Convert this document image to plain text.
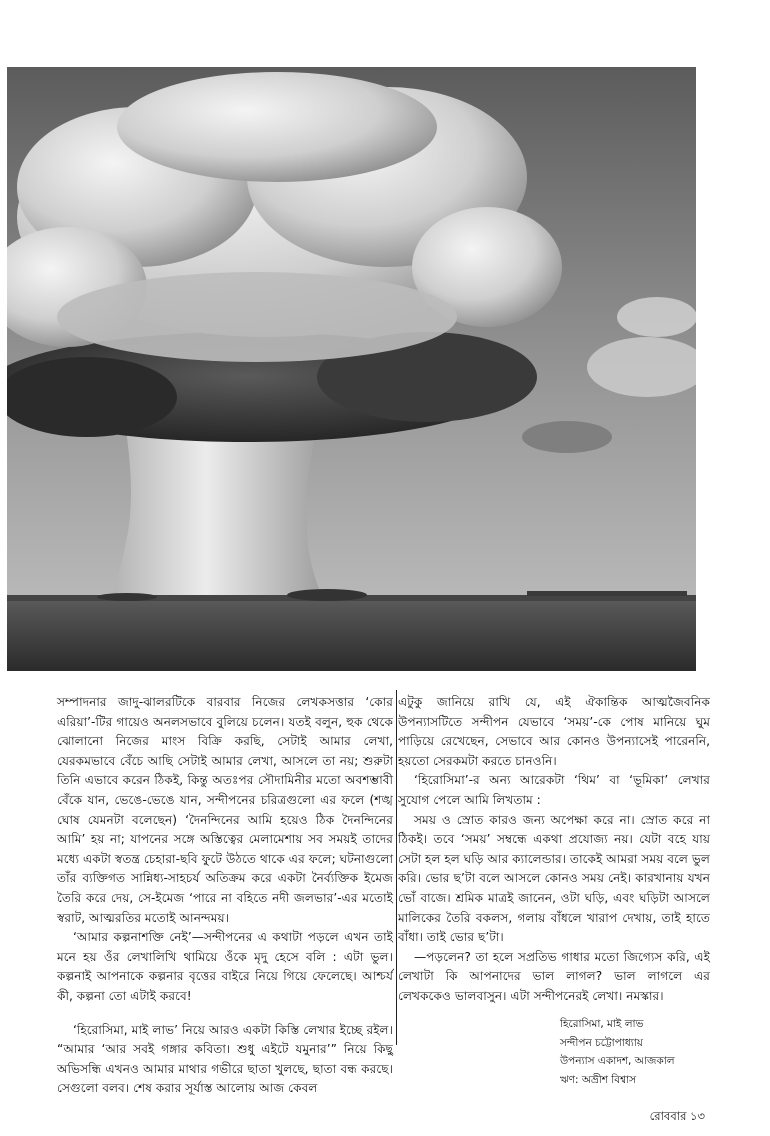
সম্পাদনার জাদু-ঝালরটিকে বারবার নিজের লেখকসত্তার ‘কোর এরিয়া’-টির গায়েও অনলসভাবে বুলিয়ে চলেন। যতই বলুন, হুক থেকে ঝোলানো নিজের মাংস বিক্রি করছি, সেটাই আমার লেখা, যেরকমভাবে বেঁচে আছি সেটাই আমার লেখা, আসলে তা নয়; শুরুটা তিনি এভাবে করেন ঠিকই, কিন্তু অতঃপর সৌদামিনীর মতো অবশম্ভাবী বেঁকে যান, ভেঙে-ভেঙে যান, সন্দীপনের চরিত্রগুলো এর ফলে (শঙ্খ ঘোষ যেমনটা বলেছেন) ‘দৈনন্দিনের আমি হয়েও ঠিক দৈনন্দিনের আমি’ হয় না; যাপনের সঙ্গে অস্তিত্বের মেলামেশায় সব সময়ই তাদের মধ্যে একটা স্বতন্ত্র চেহারা-ছবি ফুটে উঠতে থাকে এর ফলে; ঘটনাগুলো তাঁর ব্যক্তিগত সান্নিধ্য-সাহচর্য অতিক্রম করে একটা নৈর্ব্যক্তিক ইমেজ তৈরি করে দেয়, সে-ইমেজ ‘পারে না বহিতে নদী জলভার’-এর মতোই স্বরাট, আত্মরতির মতোই আনন্দময়।

‘আমার কল্পনাশক্তি নেই’—সন্দীপনের এ কথাটা পড়লে এখন তাই মনে হয় ওঁর লেখালিখি থামিয়ে ওঁকে মৃদু হেসে বলি : এটা ভুল। কল্পনাই আপনাকে কল্পনার বৃত্তের বাইরে নিয়ে গিয়ে ফেলেছে। আশ্চর্য কী, কল্পনা তো এটাই করবে!

‘হিরোসিমা, মাই লাভ’ নিয়ে আরও একটা কিস্তি লেখার ইচ্ছে রইল। “আমার ‘আর সবই গঙ্গার কবিতা। শুধু এইটে যমুনার’” নিয়ে কিছু অভিসন্ধি এখনও আমার মাথার গভীরে ছাতা খুলছে, ছাতা বন্ধ করছে। সেগুলো বলব। শেষ করার সূর্যাস্ত আলোয় আজ কেবল

এটুকু জানিয়ে রাখি যে, এই ঐকান্তিক আত্মজৈবনিক উপন্যাসটিতে সন্দীপন যেভাবে ‘সময়’-কে পোষ মানিয়ে ঘুম পাড়িয়ে রেখেছেন, সেভাবে আর কোনও উপন্যাসেই পারেননি, হয়তো সেরকমটা করতে চানওনি।

‘হিরোসিমা’-র অন্য আরেকটা ‘থিম’ বা ‘ভূমিকা’ লেখার সুযোগ পেলে আমি লিখতাম :

সময় ও স্রোত কারও জন্য অপেক্ষা করে না। স্রোত করে না ঠিকই। তবে ‘সময়’ সম্বন্ধে একথা প্রযোজ্য নয়। যেটা বহে যায় সেটা হল হল ঘড়ি আর ক্যালেন্ডার। তাকেই আমরা সময় বলে ভুল করি। ভোর ছ’টা বলে আসলে কোনও সময় নেই। কারখানায় যখন ভোঁ বাজে। শ্রমিক মাত্রই জানেন, ওটা ঘড়ি, এবং ঘড়িটা আসলে মালিকের তৈরি বকলস, গলায় বাঁধলে খারাপ দেখায়, তাই হাতে বাঁধা। তাই ভোর ছ’টা।

—পড়লেন? তা হলে সপ্রতিভ গাধার মতো জিগ্যেস করি, এই লেখাটা কি আপনাদের ভাল লাগল? ভাল লাগলে এর লেখককেও ভালবাসুন। এটা সন্দীপনেরই লেখা। নমস্কার।

হিরোসিমা, মাই লাভ
সন্দীপন চট্টোপাধ্যায়
উপন্যাস একাদশ, আজকাল
ঋণ: অভ্রীশ বিশ্বাস
রোববার ১৩
